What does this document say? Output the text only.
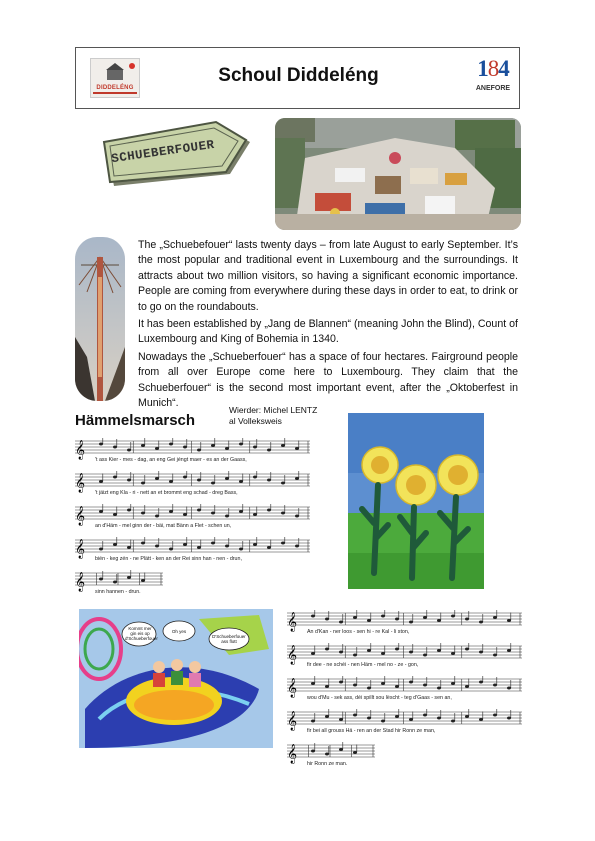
DIDDELÉNG
Schoul Diddeléng	184
ANEFORE
SCHUEBERFOUER

The „Schuebefouer“ lasts twenty days – from late August to early September. It’s the most popular and traditional event in Luxembourg and the surroundings. It attracts about two million visitors, so having a significant economic importance. People are coming from everywhere during these days in order to eat, to drink or to go on the roundabouts.

It has been established by „Jang de Blannen“ (meaning John the Blind), Count of Luxembourg and King of Bohemia in 1340.

Nowadays the „Schueberfouer“ has a space of four hectares. Fairground people from all over Europe come here to Luxembourg. They claim that the Schueberfouer“ is the second most important event, after the „Oktoberfest in Munich“.

Hämmelsmarsch
Wierder: Michel LENTZ
al Volleksweis
𝄞 't ass Kier - mes - dag, an eng Gei jéngt maer - es an der Gaass,
𝄞 't jäizt eng Kla - ri - nett an et brommt eng schad - dreg Bass,
𝄞 an d'Häm - mel ginn der - bäi, mat Bänn a Flet - schen un,
𝄞 bién - keg zén - ne Plätt - ken an der Rei sinn han - nen - drun,
𝄞 sinn hannen - drun.
𝄞 An d'Kan - ner loos - sen hi - re Kal - li ston,
𝄞 fir dee - ne schéi - nen Häm - mel no - ze - gon,
𝄞 wou d'Mu - sek ass, déi spillt sou lëscht - teg d'Gaas - sen an,
𝄞 fir bei all grouss Hä - ren an der Stad hir Ronn ze man,
𝄞 hir Ronn ze man.
Kommt mer gin eis op d'Schueberfouer
Oh yes
D'Schueberfouer ass flott
